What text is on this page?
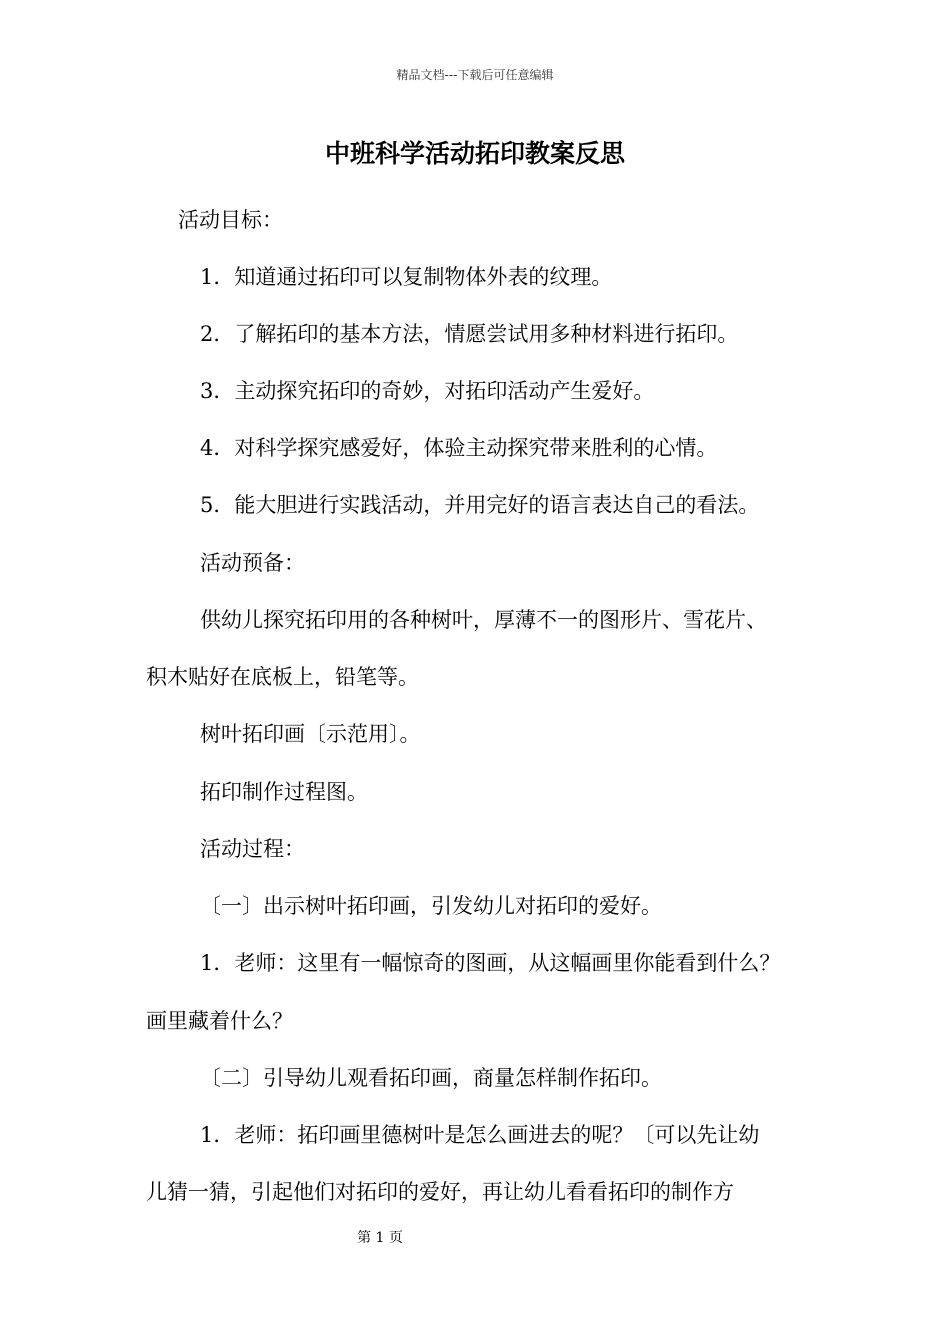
精品文档---下载后可任意编辑
中班科学活动拓印教案反思
活动目标：
1．知道通过拓印可以复制物体外表的纹理。
2．了解拓印的基本方法，情愿尝试用多种材料进行拓印。
3．主动探究拓印的奇妙，对拓印活动产生爱好。
4．对科学探究感爱好，体验主动探究带来胜利的心情。
5．能大胆进行实践活动，并用完好的语言表达自己的看法。
活动预备：
供幼儿探究拓印用的各种树叶，厚薄不一的图形片、雪花片、
积木贴好在底板上，铅笔等。
树叶拓印画〔示范用〕。
拓印制作过程图。
活动过程：
〔一〕出示树叶拓印画，引发幼儿对拓印的爱好。
1．老师：这里有一幅惊奇的图画，从这幅画里你能看到什么？
画里藏着什么？
〔二〕引导幼儿观看拓印画，商量怎样制作拓印。
1．老师：拓印画里德树叶是怎么画进去的呢？〔可以先让幼
儿猜一猜，引起他们对拓印的爱好，再让幼儿看看拓印的制作方
第 1 页
